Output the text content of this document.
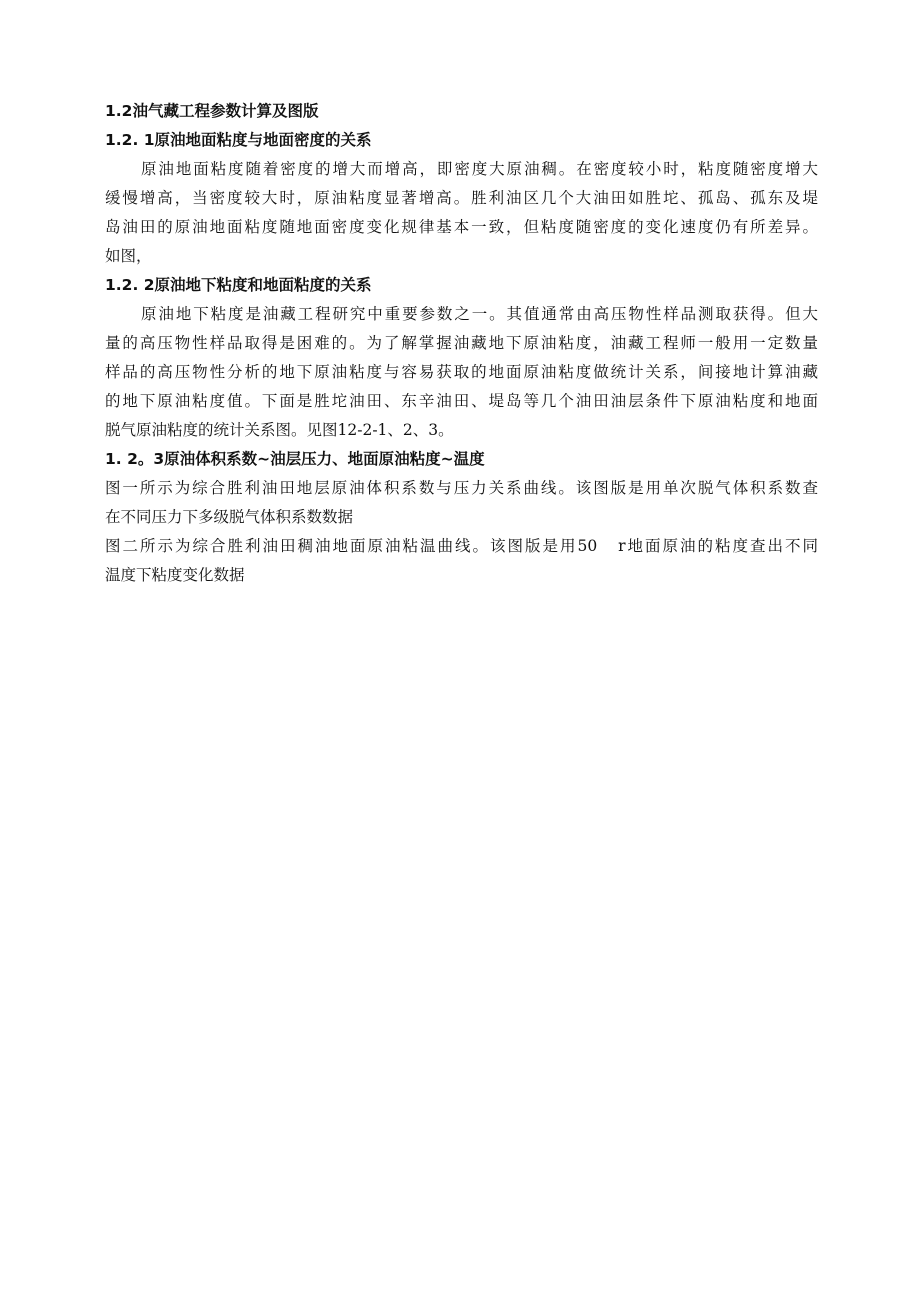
1.2油气藏工程参数计算及图版
1.2. 1原油地面粘度与地面密度的关系
原油地面粘度随着密度的增大而增高，即密度大原油稠。在密度较小时，粘度随密度增大
缓慢增高，当密度较大时，原油粘度显著增高。胜利油区几个大油田如胜坨、孤岛、孤东及堤
岛油田的原油地面粘度随地面密度变化规律基本一致，但粘度随密度的变化速度仍有所差异。
如图，
1.2. 2原油地下粘度和地面粘度的关系
原油地下粘度是油藏工程研究中重要参数之一。其值通常由高压物性样品测取获得。但大
量的高压物性样品取得是困难的。为了解掌握油藏地下原油粘度，油藏工程师一般用一定数量
样品的高压物性分析的地下原油粘度与容易获取的地面原油粘度做统计关系，间接地计算油藏
的地下原油粘度值。下面是胜坨油田、东辛油田、堤岛等几个油田油层条件下原油粘度和地面
脱气原油粘度的统计关系图。见图12-2-1、2、3。
1. 2。3原油体积系数~油层压力、地面原油粘度~温度
图一所示为综合胜利油田地层原油体积系数与压力关系曲线。该图版是用单次脱气体积系数查
在不同压力下多级脱气体积系数数据
图二所示为综合胜利油田稠油地面原油粘温曲线。该图版是用50   r地面原油的粘度查出不同
温度下粘度变化数据
